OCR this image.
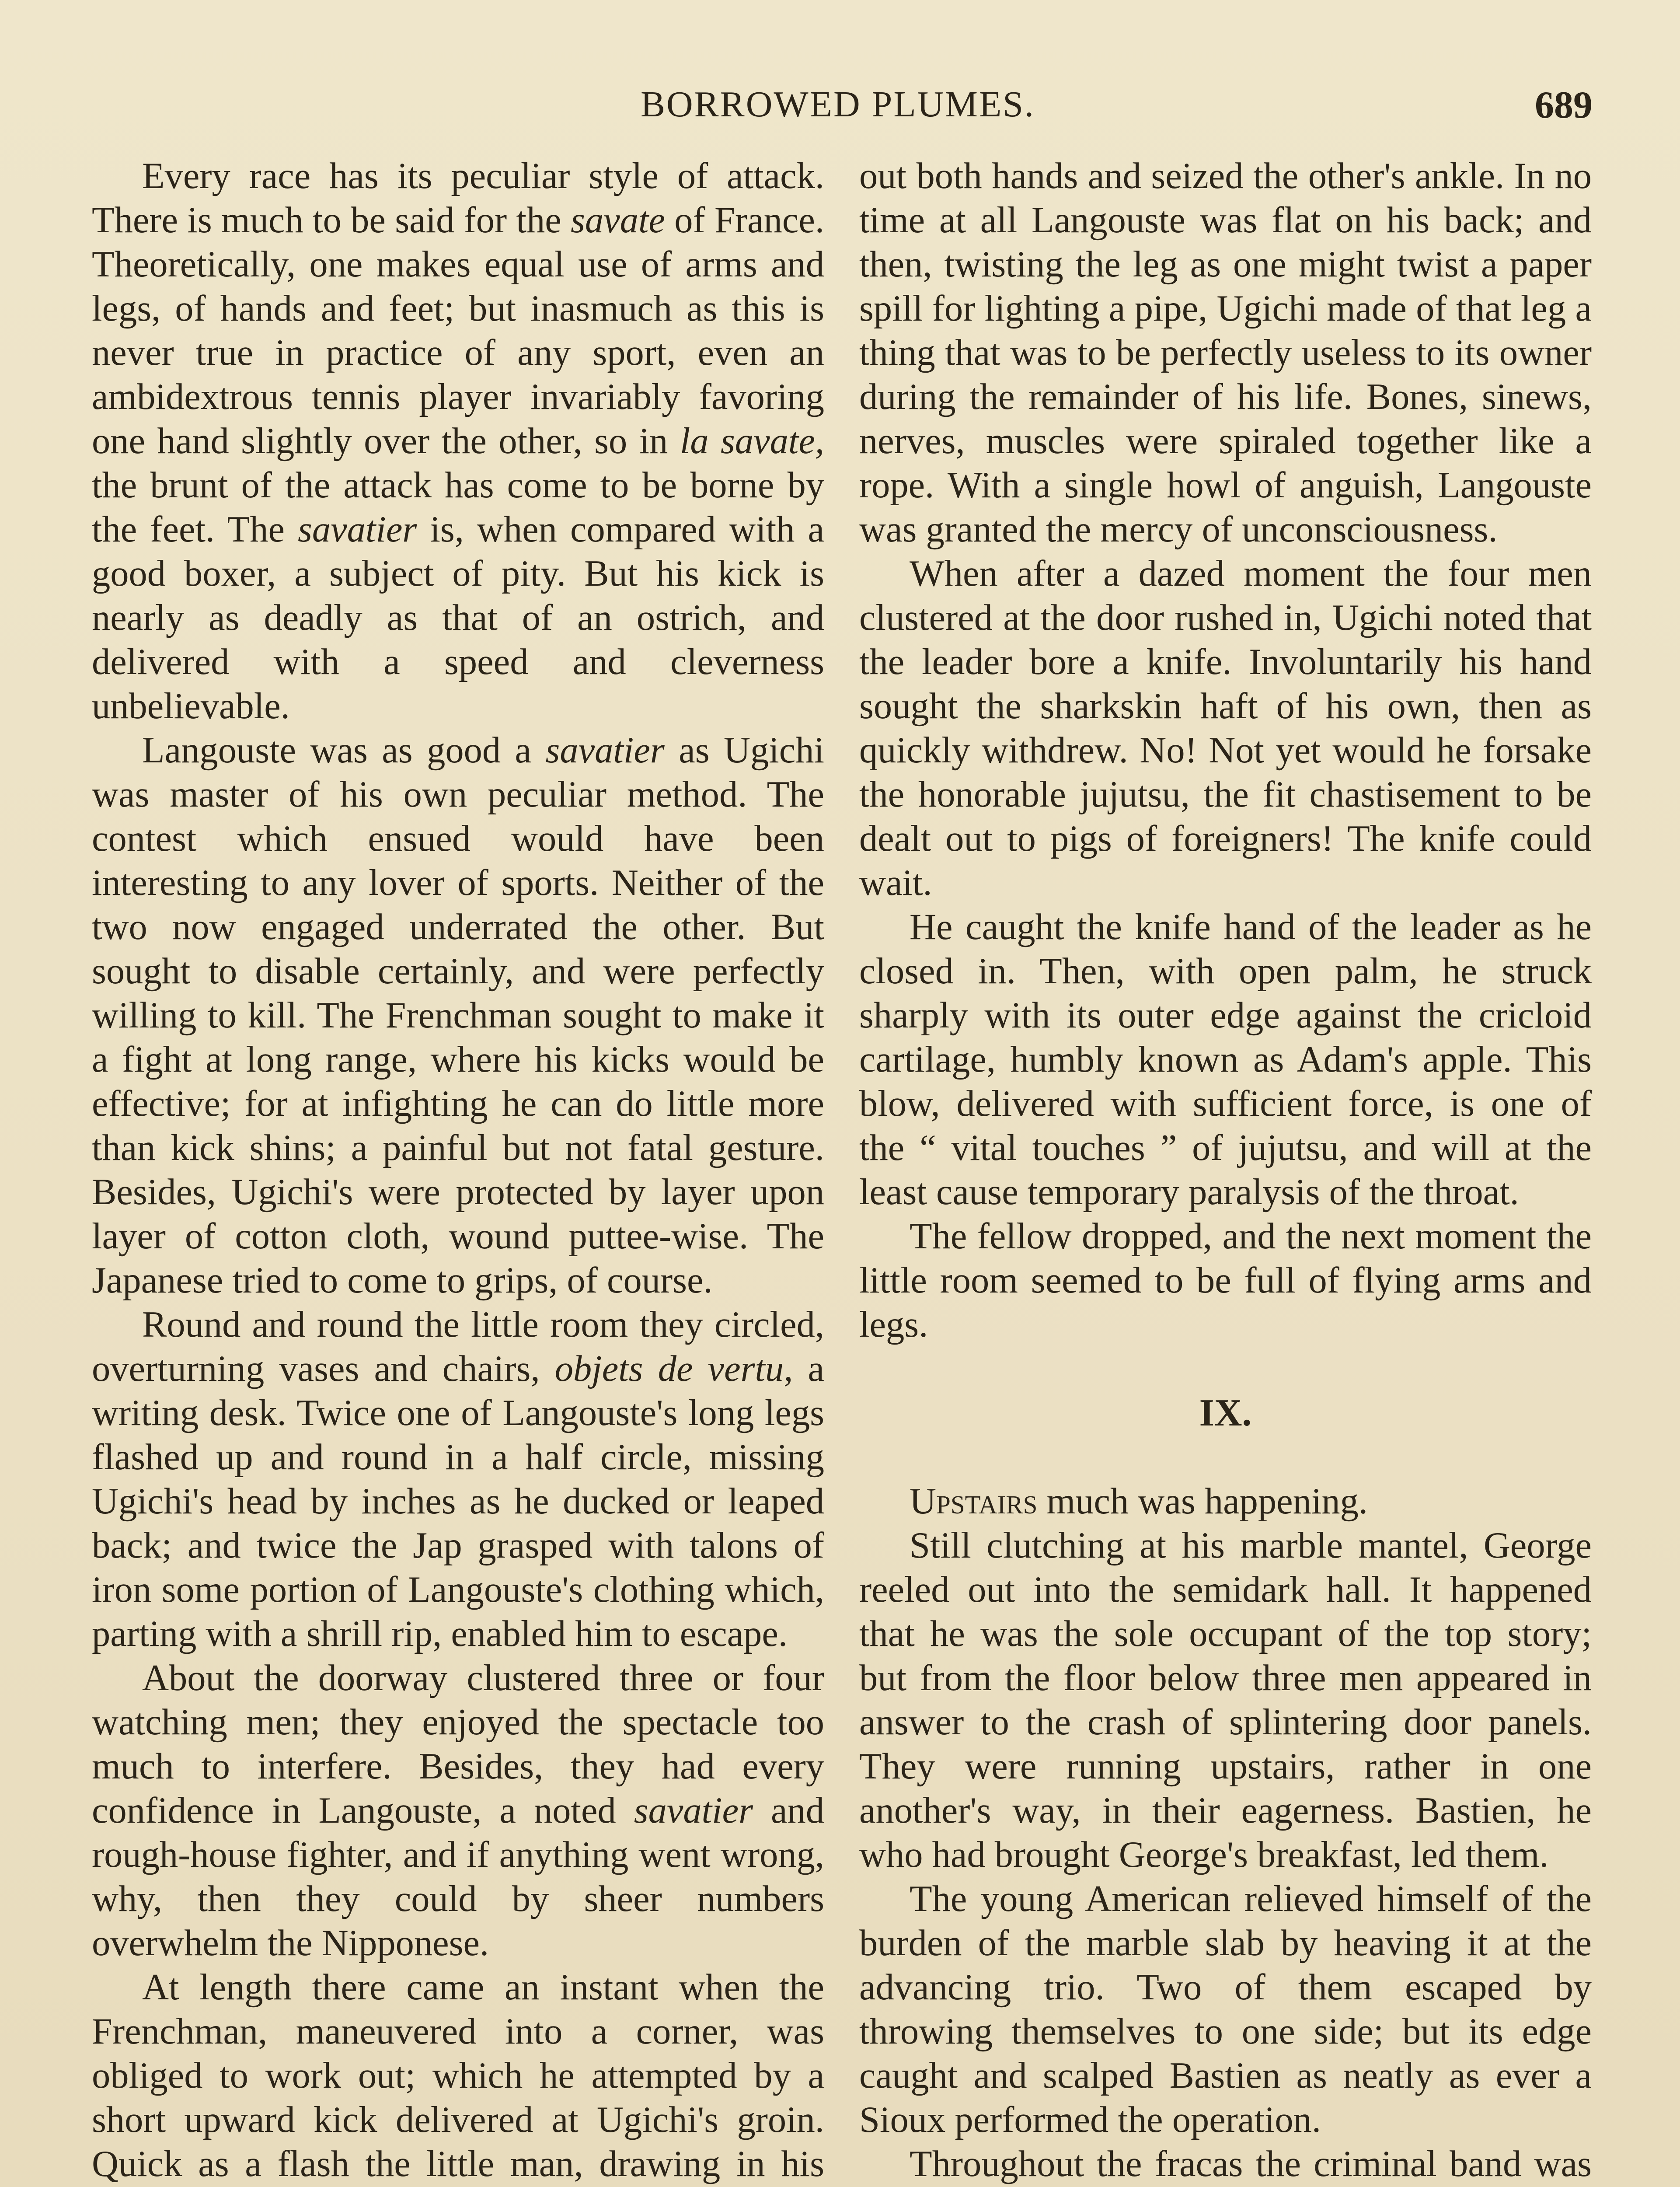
BORROWED PLUMES.	689

Every race has its peculiar style of attack. There is much to be said for the savate of France. Theoretically, one makes equal use of arms and legs, of hands and feet; but inasmuch as this is never true in practice of any sport, even an ambidextrous tennis player invariably favoring one hand slightly over the other, so in la savate, the brunt of the attack has come to be borne by the feet. The savatier is, when compared with a good boxer, a subject of pity. But his kick is nearly as deadly as that of an ostrich, and delivered with a speed and cleverness unbelievable.

Langouste was as good a savatier as Ugichi was master of his own peculiar method. The contest which ensued would have been interesting to any lover of sports. Neither of the two now engaged underrated the other. But sought to disable certainly, and were perfectly willing to kill. The Frenchman sought to make it a fight at long range, where his kicks would be effective; for at infighting he can do little more than kick shins; a painful but not fatal gesture. Besides, Ugichi's were protected by layer upon layer of cotton cloth, wound puttee-wise. The Japanese tried to come to grips, of course.

Round and round the little room they circled, overturning vases and chairs, objets de vertu, a writing desk. Twice one of Langouste's long legs flashed up and round in a half circle, missing Ugichi's head by inches as he ducked or leaped back; and twice the Jap grasped with talons of iron some portion of Langouste's clothing which, parting with a shrill rip, enabled him to escape.

About the doorway clustered three or four watching men; they enjoyed the spectacle too much to interfere. Besides, they had every confidence in Langouste, a noted savatier and rough-house fighter, and if anything went wrong, why, then they could by sheer numbers overwhelm the Nipponese.

At length there came an instant when the Frenchman, maneuvered into a corner, was obliged to work out; which he attempted by a short upward kick delivered at Ugichi's groin. Quick as a flash the little man, drawing in his

out both hands and seized the other's ankle. In no time at all Langouste was flat on his back; and then, twisting the leg as one might twist a paper spill for lighting a pipe, Ugichi made of that leg a thing that was to be perfectly useless to its owner during the remainder of his life. Bones, sinews, nerves, muscles were spiraled together like a rope. With a single howl of anguish, Langouste was granted the mercy of unconsciousness.

When after a dazed moment the four men clustered at the door rushed in, Ugichi noted that the leader bore a knife. Involuntarily his hand sought the sharkskin haft of his own, then as quickly withdrew. No! Not yet would he forsake the honorable jujutsu, the fit chastisement to be dealt out to pigs of foreigners! The knife could wait.

He caught the knife hand of the leader as he closed in. Then, with open palm, he struck sharply with its outer edge against the cricloid cartilage, humbly known as Adam's apple. This blow, delivered with sufficient force, is one of the “ vital touches ” of jujutsu, and will at the least cause temporary paralysis of the throat.

The fellow dropped, and the next moment the little room seemed to be full of flying arms and legs.

IX.

Upstairs much was happening.

Still clutching at his marble mantel, George reeled out into the semidark hall. It happened that he was the sole occupant of the top story; but from the floor below three men appeared in answer to the crash of splintering door panels. They were running upstairs, rather in one another's way, in their eagerness. Bastien, he who had brought George's breakfast, led them.

The young American relieved himself of the burden of the marble slab by heaving it at the advancing trio. Two of them escaped by throwing themselves to one side; but its edge caught and scalped Bastien as neatly as ever a Sioux performed the operation.

Throughout the fracas the criminal band was
